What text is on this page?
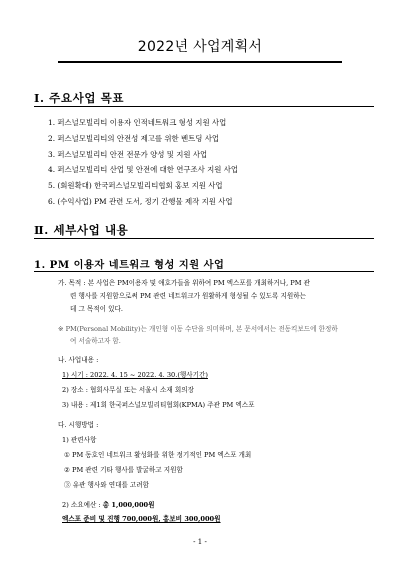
2022년 사업계획서
Ⅰ. 주요사업 목표
1. 퍼스널모빌리티 이용자 인적네트워크 형성 지원 사업
2. 퍼스널모빌리티의 안전성 제고를 위한 벤트딩 사업
3. 퍼스널모빌리티 안전 전문가 양성 및 지원 사업
4. 퍼스널모빌리티 산업 및 안전에 대한 연구조사 지원 사업
5. (회원확대) 한국퍼스널모빌리티협회 홍보 지원 사업
6. (수익사업) PM 관련 도서, 정기 간행물 제작 지원 사업
Ⅱ. 세부사업 내용
1. PM 이용자 네트워크 형성 지원 사업
가. 목적 : 본 사업은 PM이용자 및 애호가들을 위하여 PM 엑스포를 개최하거나, PM 관
련 행사를 지원함으로써 PM 관련 네트워크가 원활하게 형성될 수 있도록 지원하는
데 그 목적이 있다.
※ PM(Personal Mobility)는 개인형 이동 수단을 의미하며, 본 문서에서는 전동킥보드에 한정하
여 서술하고자 함.
나. 사업내용 :
1) 시기 : 2022. 4. 15 ~ 2022. 4. 30.(행사기간)
2) 장소 : 협회사무실 또는 서울시 소재 회의장
3) 내용 : 제1회 한국퍼스널모빌리티협회(KPMA) 주관 PM 엑스포
다. 시행방법 :
1) 관련사항
① PM 동호인 네트워크 활성화를 위한 정기적인 PM 엑스포 개최
② PM 관련 기타 행사를 발굴하고 지원함
③ 유관 행사와 연대를 고려함
2) 소요예산 : 총 1,000,000원
엑스포 준비 및 진행 700,000원, 홍보비 300,000원
- 1 -
